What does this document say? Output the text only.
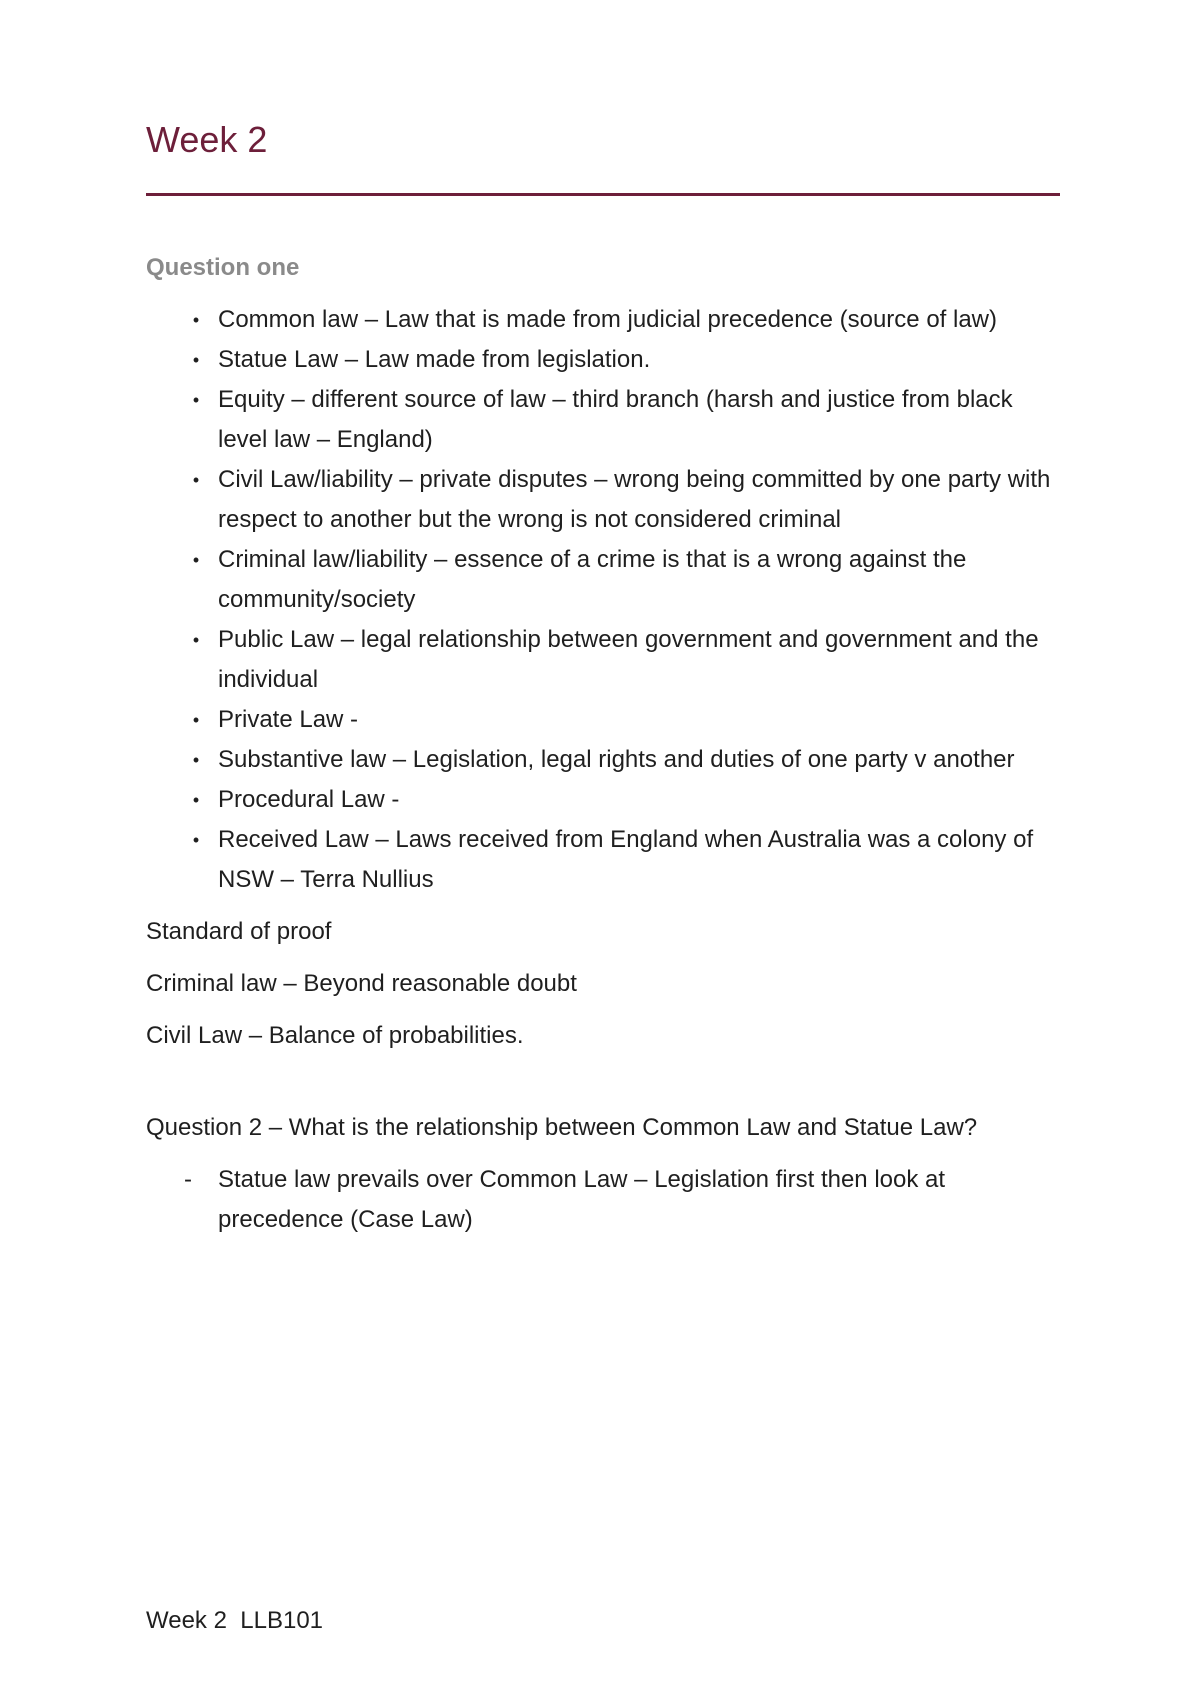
Week 2

Question one

• Common law – Law that is made from judicial precedence (source of law)
• Statue Law – Law made from legislation.
• Equity – different source of law – third branch (harsh and justice from black level law – England)
• Civil Law/liability – private disputes – wrong being committed by one party with respect to another but the wrong is not considered criminal
• Criminal law/liability – essence of a crime is that is a wrong against the community/society
• Public Law – legal relationship between government and government and the individual
• Private Law -
• Substantive law – Legislation, legal rights and duties of one party v another
• Procedural Law -
• Received Law – Laws received from England when Australia was a colony of NSW – Terra Nullius

Standard of proof

Criminal law – Beyond reasonable doubt

Civil Law – Balance of probabilities.

Question 2 – What is the relationship between Common Law and Statue Law?

- Statue law prevails over Common Law – Legislation first then look at precedence (Case Law)
Week 2  LLB101
